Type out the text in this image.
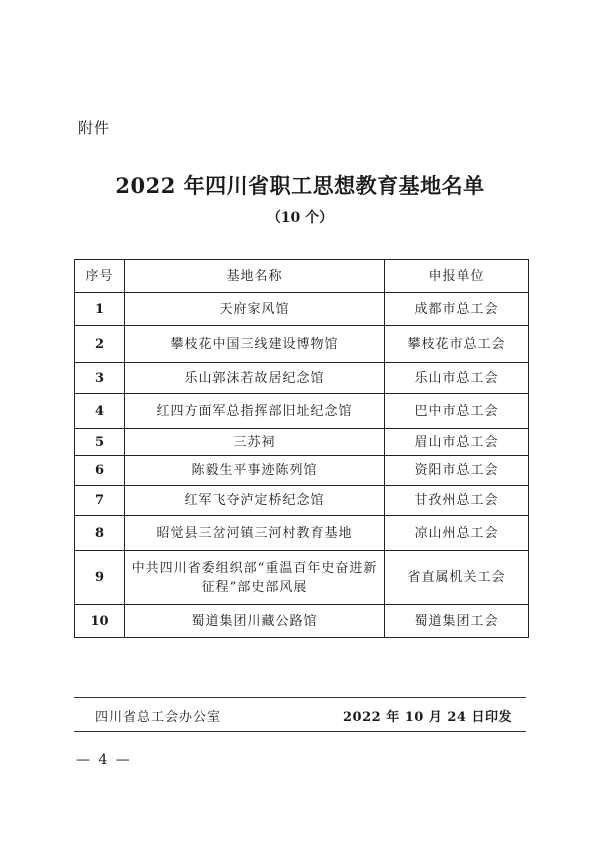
附件
2022 年四川省职工思想教育基地名单
（10 个）
序号	基地名称	申报单位
1	天府家风馆	成都市总工会
2	攀枝花中国三线建设博物馆	攀枝花市总工会
3	乐山郭沫若故居纪念馆	乐山市总工会
4	红四方面军总指挥部旧址纪念馆	巴中市总工会
5	三苏祠	眉山市总工会
6	陈毅生平事迹陈列馆	资阳市总工会
7	红军飞夺泸定桥纪念馆	甘孜州总工会
8	昭觉县三岔河镇三河村教育基地	凉山州总工会
9	中共四川省委组织部“重温百年史奋进新征程”部史部风展	省直属机关工会
10	蜀道集团川藏公路馆	蜀道集团工会
四川省总工会办公室	2022 年 10 月 24 日印发
— 4 —
